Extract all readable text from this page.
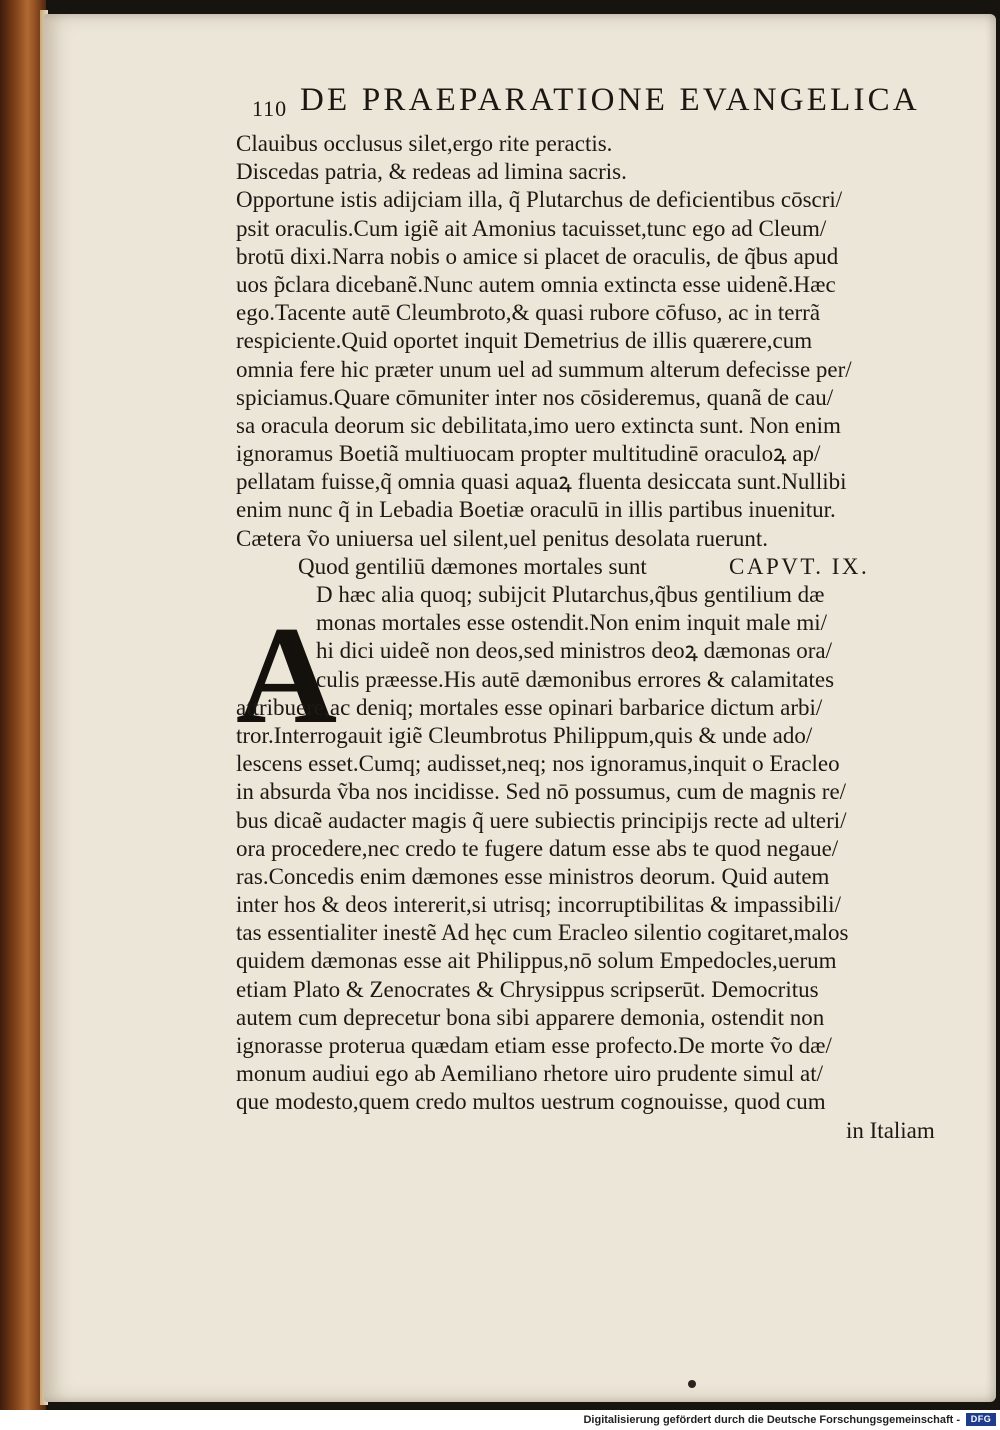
110 DE PRAEPARATIONE EVANGELICA
A
Clauibus occlusus silet,ergo rite peractis.
Discedas patria, & redeas ad limina sacris.
Opportune istis adijciam illa, q̃ Plutarchus de deficientibus cōscri/
psit oraculis.Cum igiẽ ait Amonius tacuisset,tunc ego ad Cleum/
brotū dixi.Narra nobis o amice si placet de oraculis, de q̃bus apud
uos p̃clara dicebanẽ.Nunc autem omnia extincta esse uidenẽ.Hæc
ego.Tacente autē Cleumbroto,& quasi rubore cōfuso, ac in terrã
respiciente.Quid oportet inquit Demetrius de illis quærere,cum
omnia fere hic præter unum uel ad summum alterum defecisse per/
spiciamus.Quare cōmuniter inter nos cōsideremus, quanã de cau/
sa oracula deorum sic debilitata,imo uero extincta sunt. Non enim
ignoramus Boetiã multiuocam propter multitudinē oraculoꝝ ap/
pellatam fuisse,q̃ omnia quasi aquaꝝ fluenta desiccata sunt.Nullibi
enim nunc q̃ in Lebadia Boetiæ oraculū in illis partibus inuenitur.
Cætera ṽo uniuersa uel silent,uel penitus desolata ruerunt.
Quod gentiliū dæmones mortales sunt	CAPVT. IX.
D hæc alia quoq; subijcit Plutarchus,q̃bus gentilium dæ
monas mortales esse ostendit.Non enim inquit male mi/
hi dici uideẽ non deos,sed ministros deoꝝ dæmonas ora/
culis præesse.His autē dæmonibus errores & calamitates
attribuere,ac deniq; mortales esse opinari barbarice dictum arbi/
tror.Interrogauit igiẽ Cleumbrotus Philippum,quis & unde ado/
lescens esset.Cumq; audisset,neq; nos ignoramus,inquit o Eracleo
in absurda ṽba nos incidisse. Sed nō possumus, cum de magnis re/
bus dicaẽ audacter magis q̃ uere subiectis principijs recte ad ulteri/
ora procedere,nec credo te fugere datum esse abs te quod negaue/
ras.Concedis enim dæmones esse ministros deorum. Quid autem
inter hos & deos intererit,si utrisq; incorruptibilitas & impassibili/
tas essentialiter inestẽ Ad hęc cum Eracleo silentio cogitaret,malos
quidem dæmonas esse ait Philippus,nō solum Empedocles,uerum
etiam Plato & Zenocrates & Chrysippus scripserūt. Democritus
autem cum deprecetur bona sibi apparere demonia, ostendit non
ignorasse proterua quædam etiam esse profecto.De morte ṽo dæ/
monum audiui ego ab Aemiliano rhetore uiro prudente simul at/
que modesto,quem credo multos uestrum cognouisse, quod cum
in Italiam
Digitalisierung gefördert durch die Deutsche Forschungsgemeinschaft -	DFG
